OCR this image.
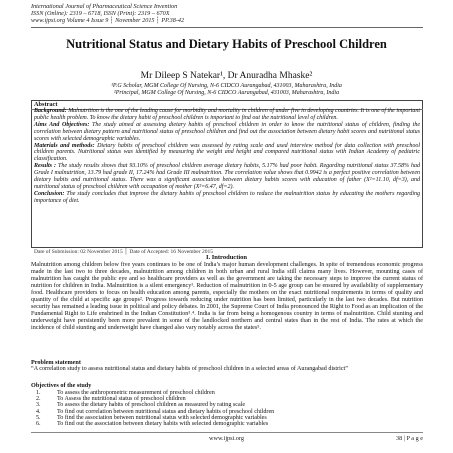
International Journal of Pharmaceutical Science Invention
ISSN (Online): 2319 – 6718, ISSN (Print): 2319 – 670X
www.ijpsi.org Volume 4 Issue 9 ┆ November 2015 ┆ PP.38-42
Nutritional Status and Dietary Habits of Preschool Children
Mr Dileep S Natekar¹, Dr Anuradha Mhaske²
¹P.G Scholar, MGM College Of Nursing, N-6 CIDCO Aurangabad, 431003, Maharashtra, India
²Principal, MGM College Of Nursing, N-6 CIDCO Aurangabad, 431003, Maharashtra, India
Abstract

Background: Malnutrition is the one of the leading cause for morbidity and mortality in children of under five in developing countries. It is one of the important public health problem. To know the dietary habit of preschool children is important to find out the nutritional level of children.

Aims And Objectives: The study aimed at assessing dietary habits of preschool children in order to know the nutritional status of children, finding the correlation between dietary pattern and nutritional status of preschool children and find out the association between dietary habit scores and nutritional status scores with selected demographic variables.

Materials and methods: Dietary habits of preschool children was assessed by rating scale and used interview method for data collection with preschool children parents. Nutritional status was identified by measuring the weight and height and compared nutritional status with Indian Academy of pediatric classification.

Results : The study results shows that 93.10% of preschool children average dietary habits, 5.17% had poor habit. Regarding nutritional status 37.58% had Grade I malnutrition, 13.79 had grade II, 17.24% had Grade III malnutrition. The correlation value shows that 0.9942 is a perfect positive correlation between dietary habits and nutritional status. There was a significant association between dietary habits scores with education of father (X²=11.10, df=3), and nutritional status of preschool children with occupation of mother (X²=6.47, df=2).

Conclusion: The study concludes that improve the dietary habits of preschool children to reduce the malnutrition status by educating the mothers regarding importance of diet.

Date of Submission: 02 November 2015 │ Date of Accepted: 16 November 2015
I. Introduction

Malnutrition among children below five years continues to be one of India’s major human development challenges. In spite of tremendous economic progress made in the last two to three decades, malnutrition among children in both urban and rural India still claims many lives. However, mounting cases of malnutrition has caught the public eye and so healthcare providers as well as the government are taking the necessary steps to improve the current status of nutrition for children in India. Malnutrition is a silent emergency¹. Reduction of malnutrition in 0-5 age group can be ensured by availability of supplementary food. Healthcare providers to focus on health education among parents, especially the mothers on the exact nutritional requirements in terms of quality and quantity of the child at specific age groups². Progress towards reducing under nutrition has been limited, particularly in the last two decades. But nutrition security has remained a leading issue in political and policy debates. In 2001, the Supreme Court of India pronounced the Right to Food as an implication of the Fundamental Right to Life enshrined in the Indian Constitution³˒⁴. India is far from being a homogenous country in terms of malnutrition. Child stunting and underweight have persistently been more prevalent in some of the landlocked northern and central states than in the rest of India. The rates at which the incidence of child stunting and underweight have changed also vary notably across the states⁵.

Problem statement
“A correlation study to assess nutritional status and dietary habits of preschool children in a selected areas of Aurangabad district”
Objectives of the study
1.	To assess the anthropometric measurement of preschool children
2.	To Assess the nutritional status of preschool children
3.	To assess the dietary habits of preschool children as measured by rating scale
4.	To find out correlation between nutritional status and dietary habits of preschool children
5.	To find the association between nutritional status with selected demographic variables
6.	To find out the association between dietary habits with selected demographic variables
www.ijpsi.org	38 | P a g e
